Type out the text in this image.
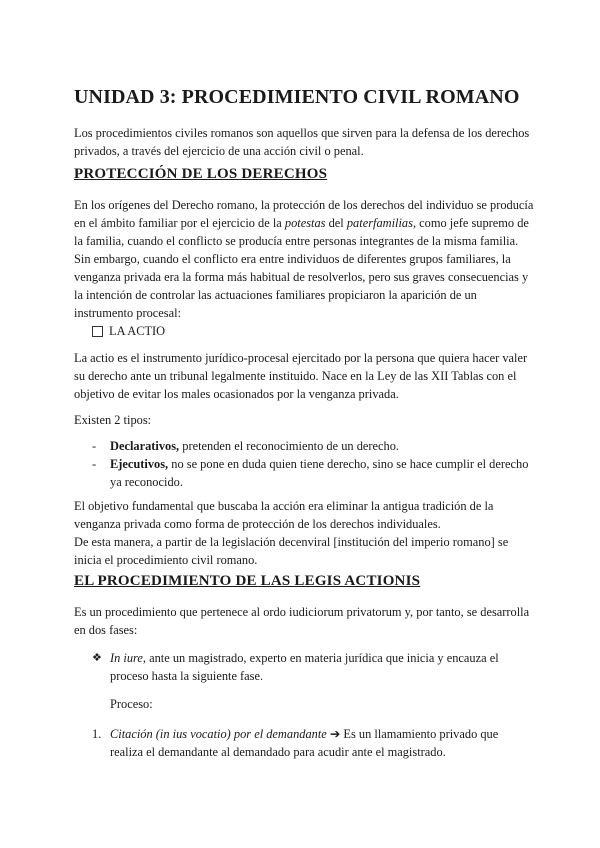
UNIDAD 3: PROCEDIMIENTO CIVIL ROMANO

Los procedimientos civiles romanos son aquellos que sirven para la defensa de los derechos privados, a través del ejercicio de una acción civil o penal.

PROTECCIÓN DE LOS DERECHOS

En los orígenes del Derecho romano, la protección de los derechos del individuo se producía en el ámbito familiar por el ejercicio de la potestas del paterfamilias, como jefe supremo de la familia, cuando el conflicto se producía entre personas integrantes de la misma familia. Sin embargo, cuando el conflicto era entre individuos de diferentes grupos familiares, la venganza privada era la forma más habitual de resolverlos, pero sus graves consecuencias y la intención de controlar las actuaciones familiares propiciaron la aparición de un instrumento procesal:

LA ACTIO

La actio es el instrumento jurídico-procesal ejercitado por la persona que quiera hacer valer su derecho ante un tribunal legalmente instituido. Nace en la Ley de las XII Tablas con el objetivo de evitar los males ocasionados por la venganza privada.

Existen 2 tipos:

-	Declarativos, pretenden el reconocimiento de un derecho.
-	Ejecutivos, no se pone en duda quien tiene derecho, sino se hace cumplir el derecho ya reconocido.

El objetivo fundamental que buscaba la acción era eliminar la antigua tradición de la venganza privada como forma de protección de los derechos individuales.
De esta manera, a partir de la legislación decenviral [institución del imperio romano] se inicia el procedimiento civil romano.

EL PROCEDIMIENTO DE LAS LEGIS ACTIONIS

Es un procedimiento que pertenece al ordo iudiciorum privatorum y, por tanto, se desarrolla en dos fases:

❖ In iure, ante un magistrado, experto en materia jurídica que inicia y encauza el proceso hasta la siguiente fase.

Proceso:

1. Citación (in ius vocatio) por el demandante ➔ Es un llamamiento privado que realiza el demandante al demandado para acudir ante el magistrado.
